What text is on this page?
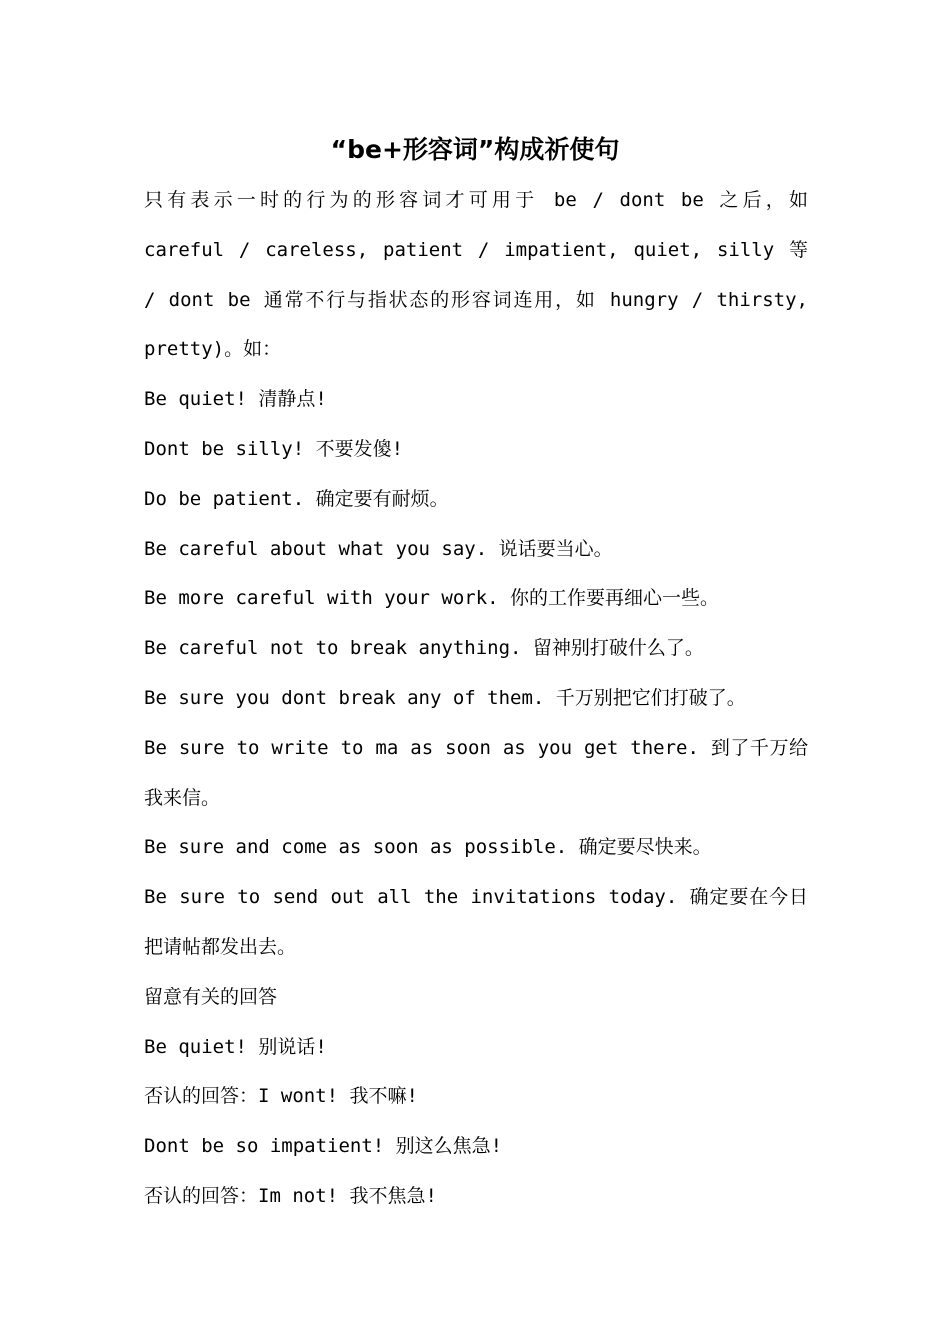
“be+形容词”构成祈使句
只有表示一时的行为的形容词才可用于 be / dont be 之后，如
careful / careless, patient / impatient, quiet, silly 等
/ dont be 通常不行与指状态的形容词连用，如 hungry / thirsty,
pretty)。如：
Be quiet! 清静点!
Dont be silly! 不要发傻!
Do be patient. 确定要有耐烦。
Be careful about what you say. 说话要当心。
Be more careful with your work. 你的工作要再细心一些。
Be careful not to break anything. 留神别打破什么了。
Be sure you dont break any of them. 千万别把它们打破了。
Be sure to write to ma as soon as you get there. 到了千万给
我来信。
Be sure and come as soon as possible. 确定要尽快来。
Be sure to send out all the invitations today. 确定要在今日
把请帖都发出去。
留意有关的回答
Be quiet! 别说话!
否认的回答：I wont! 我不嘛!
Dont be so impatient! 别这么焦急!
否认的回答：Im not! 我不焦急!
